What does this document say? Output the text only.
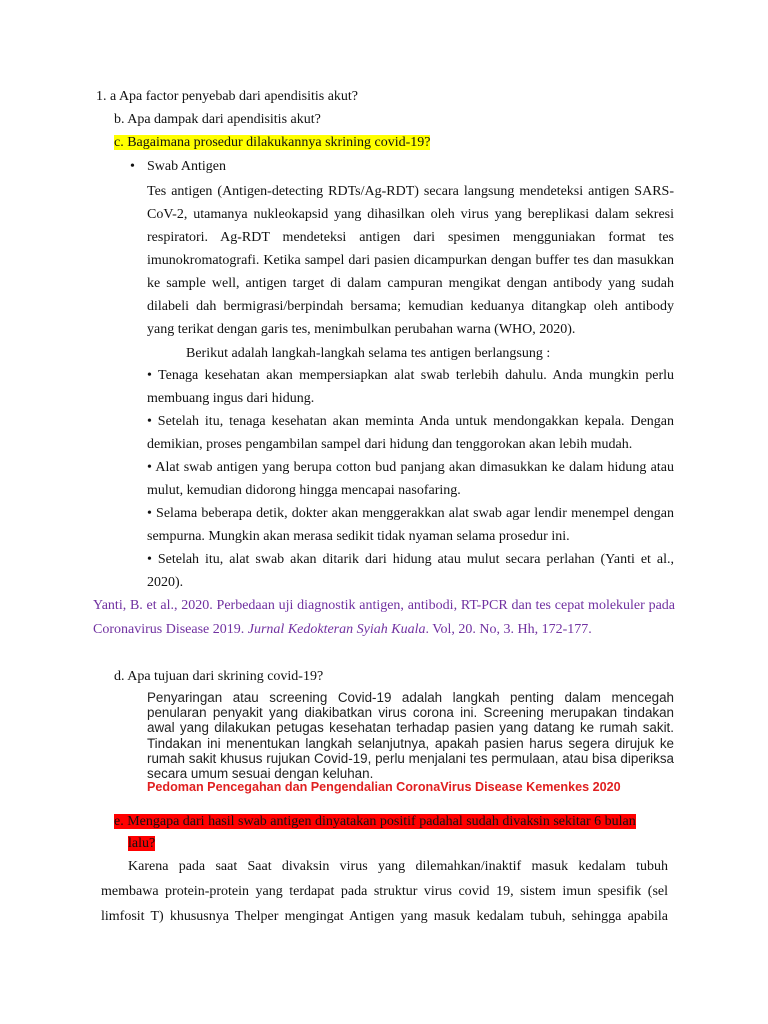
1. a Apa factor penyebab dari apendisitis akut?
b. Apa dampak dari apendisitis akut?
c. Bagaimana prosedur dilakukannya skrining covid-19?
• Swab Antigen
Tes antigen (Antigen-detecting RDTs/Ag-RDT) secara langsung mendeteksi antigen SARS-CoV-2, utamanya nukleokapsid yang dihasilkan oleh virus yang bereplikasi dalam sekresi respiratori. Ag-RDT mendeteksi antigen dari spesimen mengguniakan format tes imunokromatografi. Ketika sampel dari pasien dicampurkan dengan buffer tes dan masukkan ke sample well, antigen target di dalam campuran mengikat dengan antibody yang sudah dilabeli dah bermigrasi/berpindah bersama; kemudian keduanya ditangkap oleh antibody yang terikat dengan garis tes, menimbulkan perubahan warna (WHO, 2020).
Berikut adalah langkah-langkah selama tes antigen berlangsung :
• Tenaga kesehatan akan mempersiapkan alat swab terlebih dahulu. Anda mungkin perlu membuang ingus dari hidung.
• Setelah itu, tenaga kesehatan akan meminta Anda untuk mendongakkan kepala. Dengan demikian, proses pengambilan sampel dari hidung dan tenggorokan akan lebih mudah.
• Alat swab antigen yang berupa cotton bud panjang akan dimasukkan ke dalam hidung atau mulut, kemudian didorong hingga mencapai nasofaring.
• Selama beberapa detik, dokter akan menggerakkan alat swab agar lendir menempel dengan sempurna. Mungkin akan merasa sedikit tidak nyaman selama prosedur ini.
• Setelah itu, alat swab akan ditarik dari hidung atau mulut secara perlahan (Yanti et al., 2020).
Yanti, B. et al., 2020. Perbedaan uji diagnostik antigen, antibodi, RT-PCR dan tes cepat molekuler pada Coronavirus Disease 2019. Jurnal Kedokteran Syiah Kuala. Vol, 20. No, 3. Hh, 172-177.
d. Apa tujuan dari skrining covid-19?
Penyaringan atau screening Covid-19 adalah langkah penting dalam mencegah penularan penyakit yang diakibatkan virus corona ini. Screening merupakan tindakan awal yang dilakukan petugas kesehatan terhadap pasien yang datang ke rumah sakit. Tindakan ini menentukan langkah selanjutnya, apakah pasien harus segera dirujuk ke rumah sakit khusus rujukan Covid-19, perlu menjalani tes permulaan, atau bisa diperiksa secara umum sesuai dengan keluhan.
Pedoman Pencegahan dan Pengendalian CoronaVirus Disease Kemenkes 2020
e. Mengapa dari hasil swab antigen dinyatakan positif padahal sudah divaksin sekitar 6 bulan
lalu?
Karena pada saat Saat divaksin virus yang dilemahkan/inaktif masuk kedalam tubuh
membawa protein-protein yang terdapat pada struktur virus covid 19, sistem imun spesifik (sel
limfosit T) khususnya Thelper mengingat Antigen yang masuk kedalam tubuh, sehingga apabila
